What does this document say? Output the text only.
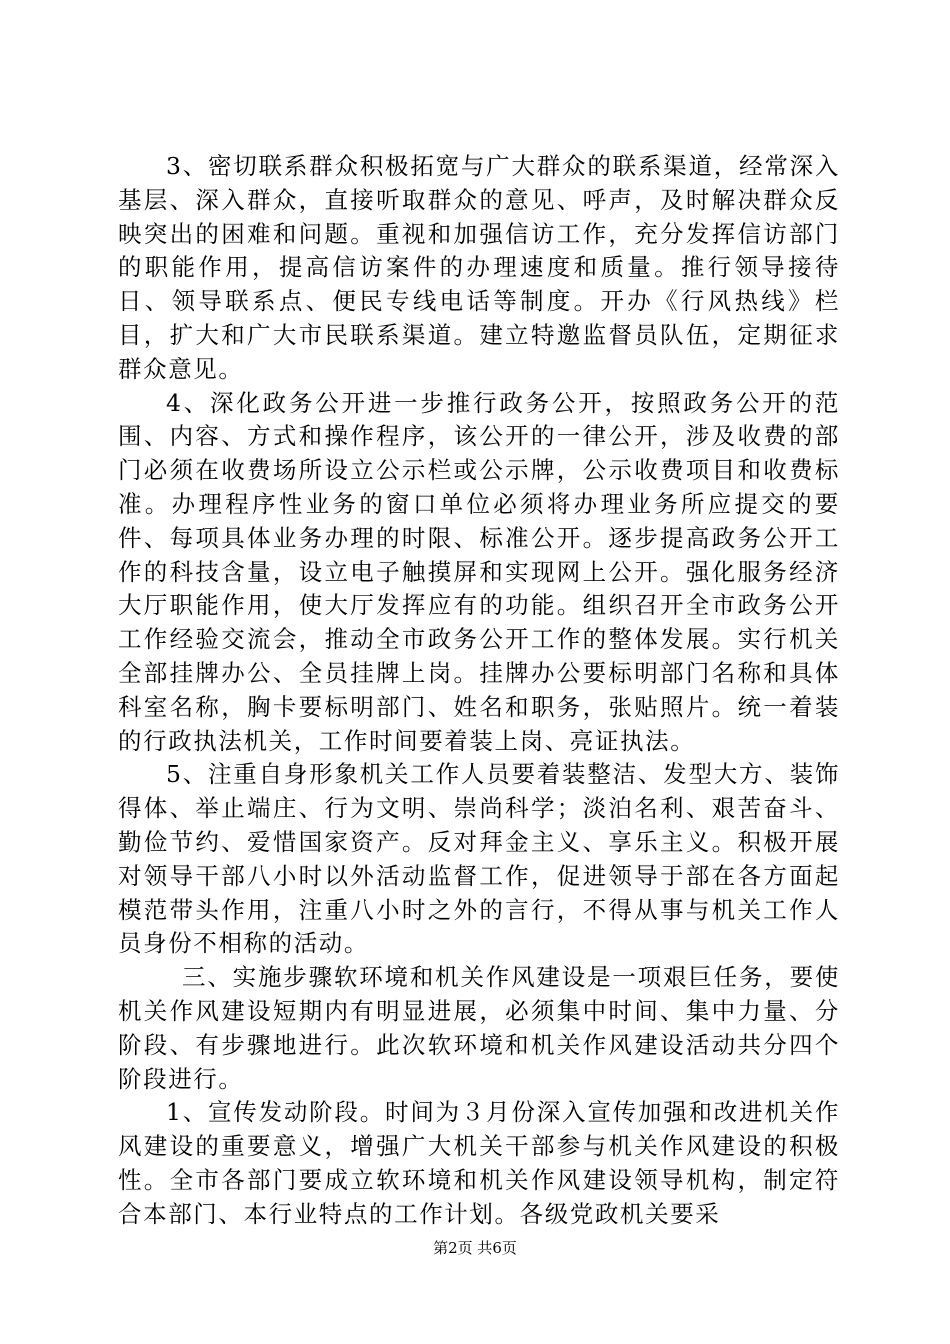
3、密切联系群众积极拓宽与广大群众的联系渠道，经常深入基层、深入群众，直接听取群众的意见、呼声，及时解决群众反映突出的困难和问题。重视和加强信访工作，充分发挥信访部门的职能作用，提高信访案件的办理速度和质量。推行领导接待日、领导联系点、便民专线电话等制度。开办《行风热线》栏目，扩大和广大市民联系渠道。建立特邀监督员队伍，定期征求群众意见。

4、深化政务公开进一步推行政务公开，按照政务公开的范围、内容、方式和操作程序，该公开的一律公开，涉及收费的部门必须在收费场所设立公示栏或公示牌，公示收费项目和收费标准。办理程序性业务的窗口单位必须将办理业务所应提交的要件、每项具体业务办理的时限、标准公开。逐步提高政务公开工作的科技含量，设立电子触摸屏和实现网上公开。强化服务经济大厅职能作用，使大厅发挥应有的功能。组织召开全市政务公开工作经验交流会，推动全市政务公开工作的整体发展。实行机关全部挂牌办公、全员挂牌上岗。挂牌办公要标明部门名称和具体科室名称，胸卡要标明部门、姓名和职务，张贴照片。统一着装的行政执法机关，工作时间要着装上岗、亮证执法。

5、注重自身形象机关工作人员要着装整洁、发型大方、装饰得体、举止端庄、行为文明、崇尚科学；淡泊名利、艰苦奋斗、勤俭节约、爱惜国家资产。反对拜金主义、享乐主义。积极开展对领导干部八小时以外活动监督工作，促进领导于部在各方面起模范带头作用，注重八小时之外的言行，不得从事与机关工作人员身份不相称的活动。

三、实施步骤软环境和机关作风建设是一项艰巨任务，要使机关作风建设短期内有明显进展，必须集中时间、集中力量、分阶段、有步骤地进行。此次软环境和机关作风建设活动共分四个阶段进行。

1、宣传发动阶段。时间为３月份深入宣传加强和改进机关作风建设的重要意义，增强广大机关干部参与机关作风建设的积极性。全市各部门要成立软环境和机关作风建设领导机构，制定符合本部门、本行业特点的工作计划。各级党政机关要采

第2页 共6页
